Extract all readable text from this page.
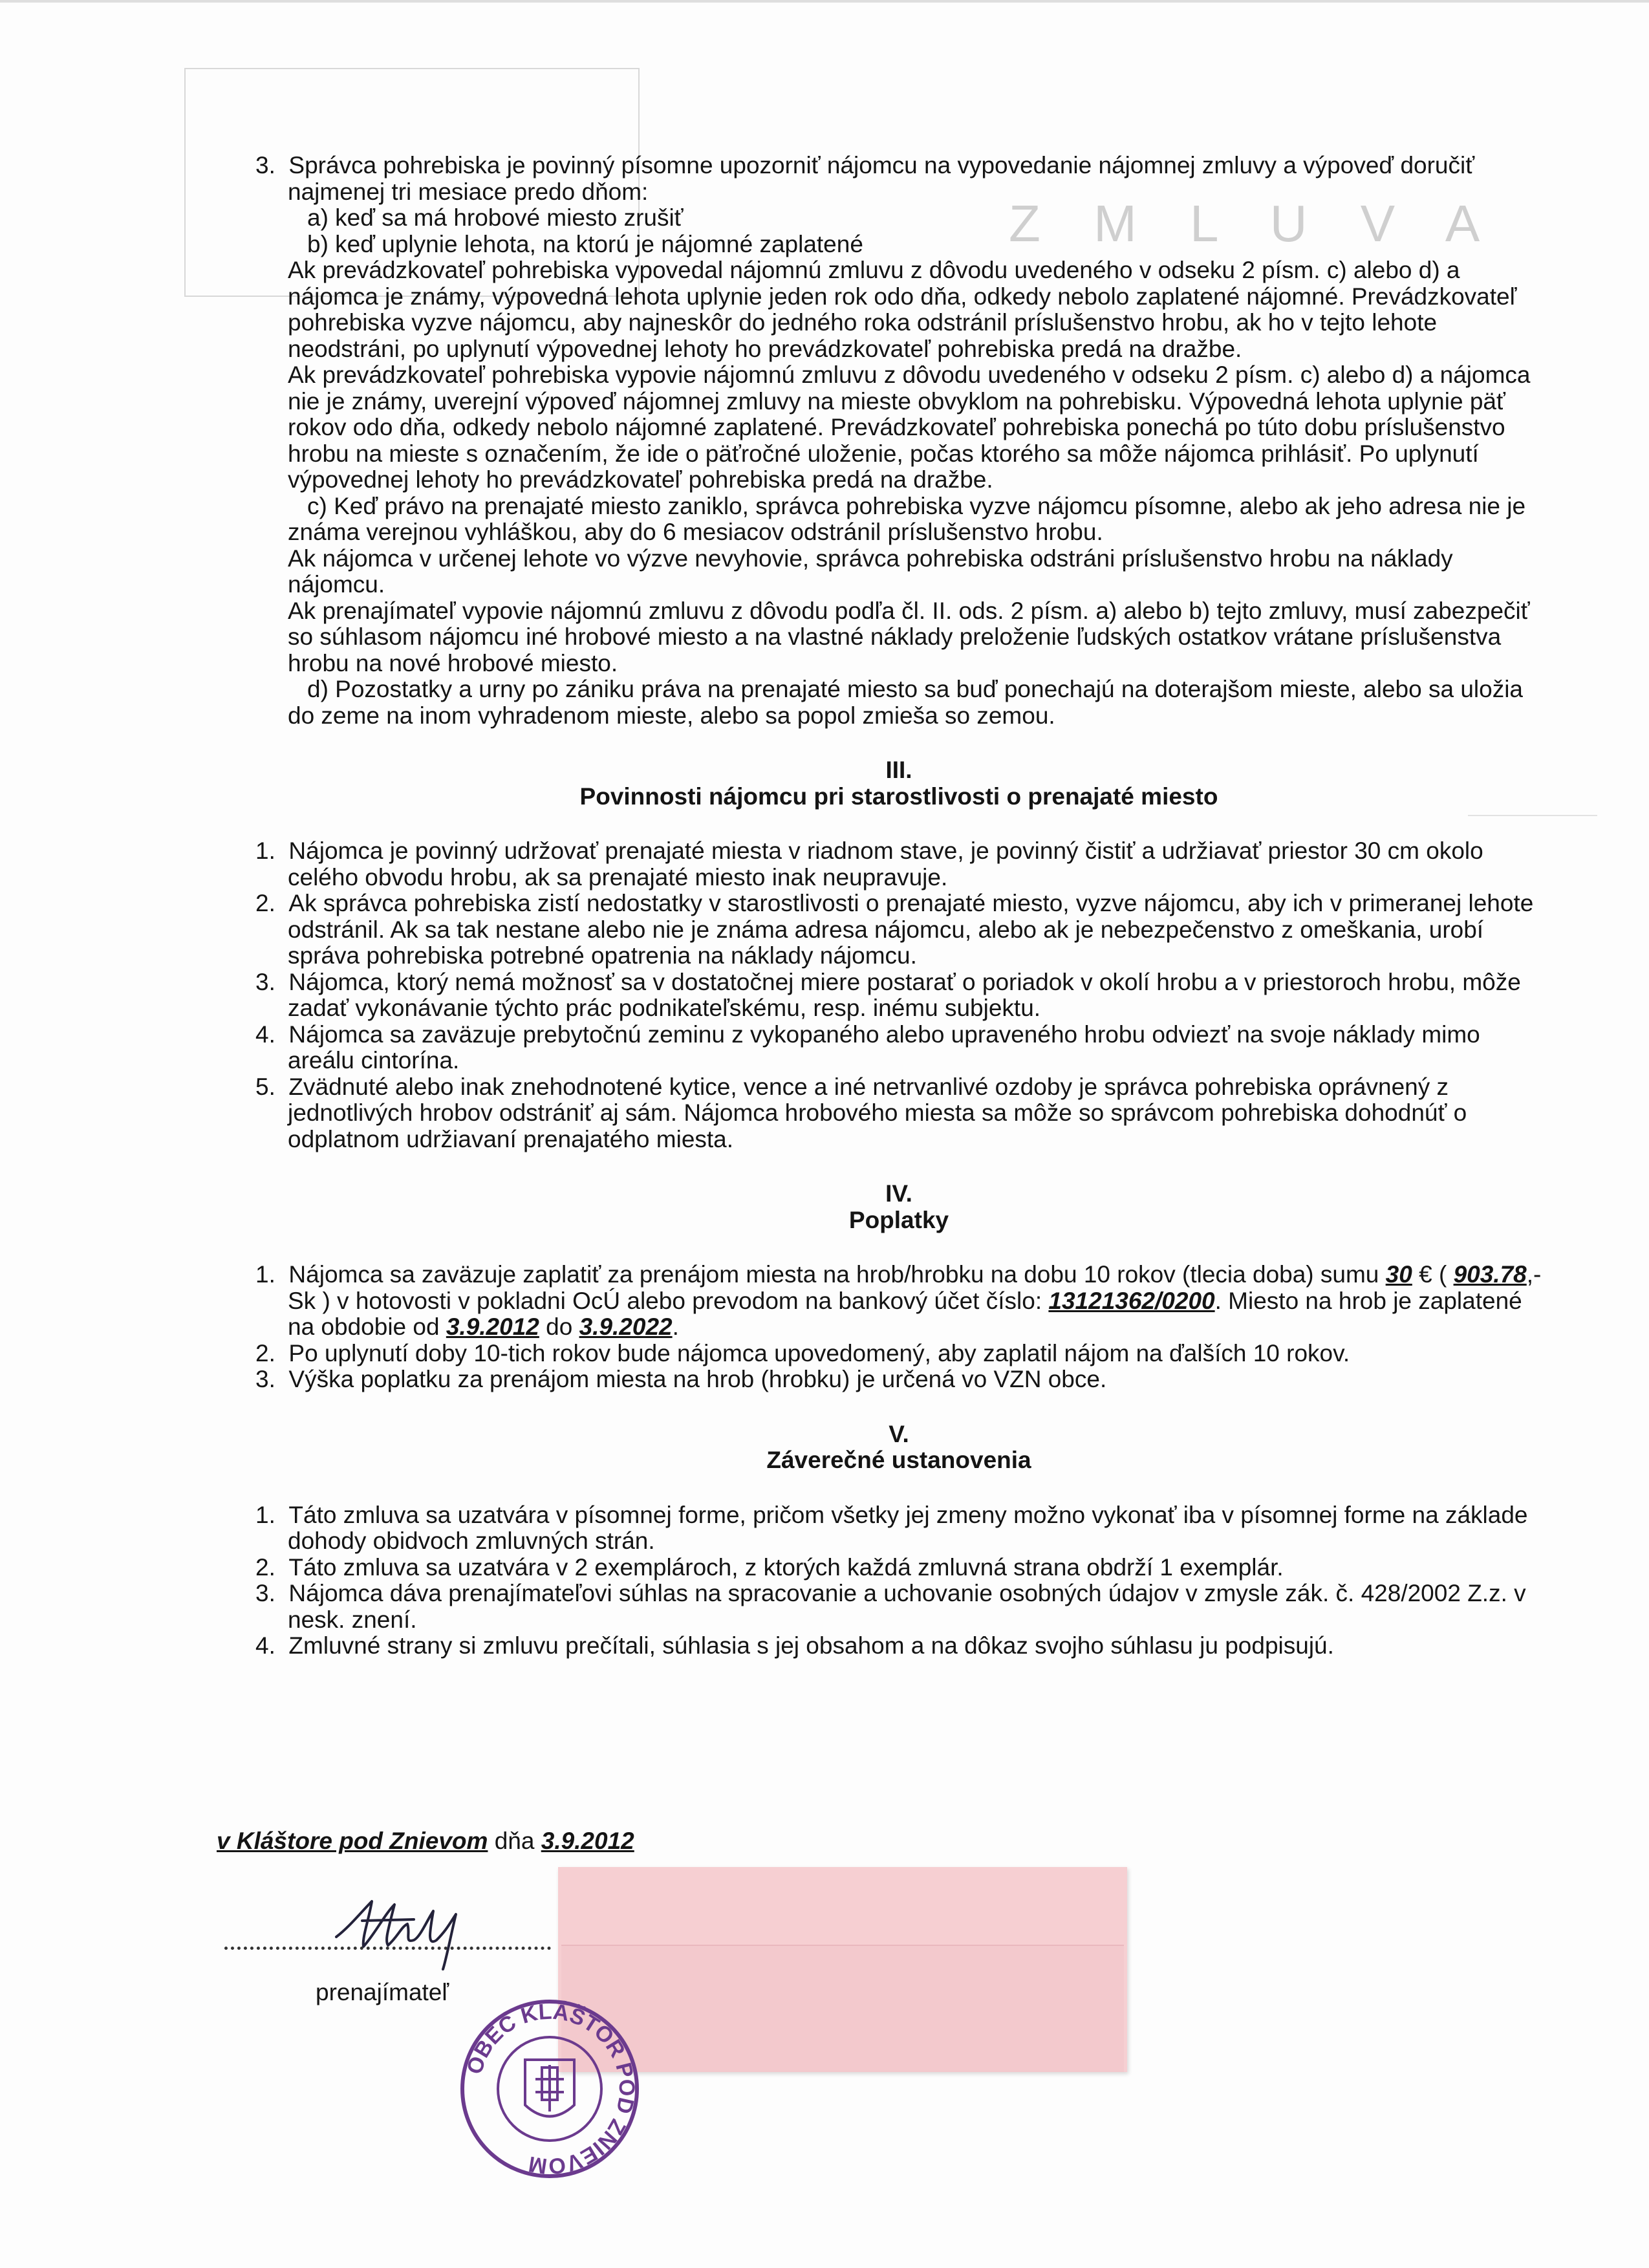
Z M L U V A

3. Správca pohrebiska je povinný písomne upozorniť nájomcu na vypovedanie nájomnej zmluvy a výpoveď doručiť najmenej tri mesiace predo dňom:

a) keď sa má hrobové miesto zrušiť

b) keď uplynie lehota, na ktorú je nájomné zaplatené

Ak prevádzkovateľ pohrebiska vypovedal nájomnú zmluvu z dôvodu uvedeného v odseku 2 písm. c) alebo d) a nájomca je známy, výpovedná lehota uplynie jeden rok odo dňa, odkedy nebolo zaplatené nájomné. Prevádzkovateľ pohrebiska vyzve nájomcu, aby najneskôr do jedného roka odstránil príslušenstvo hrobu, ak ho v tejto lehote neodstráni, po uplynutí výpovednej lehoty ho prevádzkovateľ pohrebiska predá na dražbe.

Ak prevádzkovateľ pohrebiska vypovie nájomnú zmluvu z dôvodu uvedeného v odseku 2 písm. c) alebo d) a nájomca nie je známy, uverejní výpoveď nájomnej zmluvy na mieste obvyklom na pohrebisku. Výpovedná lehota uplynie päť rokov odo dňa, odkedy nebolo nájomné zaplatené. Prevádzkovateľ pohrebiska ponechá po túto dobu príslušenstvo hrobu na mieste s označením, že ide o päťročné uloženie, počas ktorého sa môže nájomca prihlásiť. Po uplynutí výpovednej lehoty ho prevádzkovateľ pohrebiska predá na dražbe.

c) Keď právo na prenajaté miesto zaniklo, správca pohrebiska vyzve nájomcu písomne, alebo ak jeho adresa nie je známa verejnou vyhláškou, aby do 6 mesiacov odstránil príslušenstvo hrobu.

Ak nájomca v určenej lehote vo výzve nevyhovie, správca pohrebiska odstráni príslušenstvo hrobu na náklady nájomcu.

Ak prenajímateľ vypovie nájomnú zmluvu z dôvodu podľa čl. II. ods. 2 písm. a) alebo b) tejto zmluvy, musí zabezpečiť so súhlasom nájomcu iné hrobové miesto a na vlastné náklady preloženie ľudských ostatkov vrátane príslušenstva hrobu na nové hrobové miesto.

d) Pozostatky a urny po zániku práva na prenajaté miesto sa buď ponechajú na doterajšom mieste, alebo sa uložia do zeme na inom vyhradenom mieste, alebo sa popol zmieša so zemou.

III.

Povinnosti nájomcu pri starostlivosti o prenajaté miesto

1. Nájomca je povinný udržovať prenajaté miesta v riadnom stave, je povinný čistiť a udržiavať priestor 30 cm okolo celého obvodu hrobu, ak sa prenajaté miesto inak neupravuje.

2. Ak správca pohrebiska zistí nedostatky v starostlivosti o prenajaté miesto, vyzve nájomcu, aby ich v primeranej lehote odstránil. Ak sa tak nestane alebo nie je známa adresa nájomcu, alebo ak je nebezpečenstvo z omeškania, urobí správa pohrebiska potrebné opatrenia na náklady nájomcu.

3. Nájomca, ktorý nemá možnosť sa v dostatočnej miere postarať o poriadok v okolí hrobu a v priestoroch hrobu, môže zadať vykonávanie týchto prác podnikateľskému, resp. inému subjektu.

4. Nájomca sa zaväzuje prebytočnú zeminu z vykopaného alebo upraveného hrobu odviezť na svoje náklady mimo areálu cintorína.

5. Zvädnuté alebo inak znehodnotené kytice, vence a iné netrvanlivé ozdoby je správca pohrebiska oprávnený z jednotlivých hrobov odstrániť aj sám. Nájomca hrobového miesta sa môže so správcom pohrebiska dohodnúť o odplatnom udržiavaní prenajatého miesta.

IV.

Poplatky

1. Nájomca sa zaväzuje zaplatiť za prenájom miesta na hrob/hrobku na dobu 10 rokov (tlecia doba) sumu 30 € ( 903.78,- Sk ) v hotovosti v pokladni OcÚ alebo prevodom na bankový účet číslo: 13121362/0200. Miesto na hrob je zaplatené na obdobie od 3.9.2012 do 3.9.2022.

2. Po uplynutí doby 10-tich rokov bude nájomca upovedomený, aby zaplatil nájom na ďalších 10 rokov.

3. Výška poplatku za prenájom miesta na hrob (hrobku) je určená vo VZN obce.

V.

Záverečné ustanovenia

1. Táto zmluva sa uzatvára v písomnej forme, pričom všetky jej zmeny možno vykonať iba v písomnej forme na základe dohody obidvoch zmluvných strán.

2. Táto zmluva sa uzatvára v 2 exemplároch, z ktorých každá zmluvná strana obdrží 1 exemplár.

3. Nájomca dáva prenajímateľovi súhlas na spracovanie a uchovanie osobných údajov v zmysle zák. č. 428/2002 Z.z. v nesk. znení.

4. Zmluvné strany si zmluvu prečítali, súhlasia s jej obsahom a na dôkaz svojho súhlasu ju podpisujú.

v Kláštore pod Znievom dňa 3.9.2012
prenajímateľ
OBEC KLÁŠTOR POD ZNIEVOM
